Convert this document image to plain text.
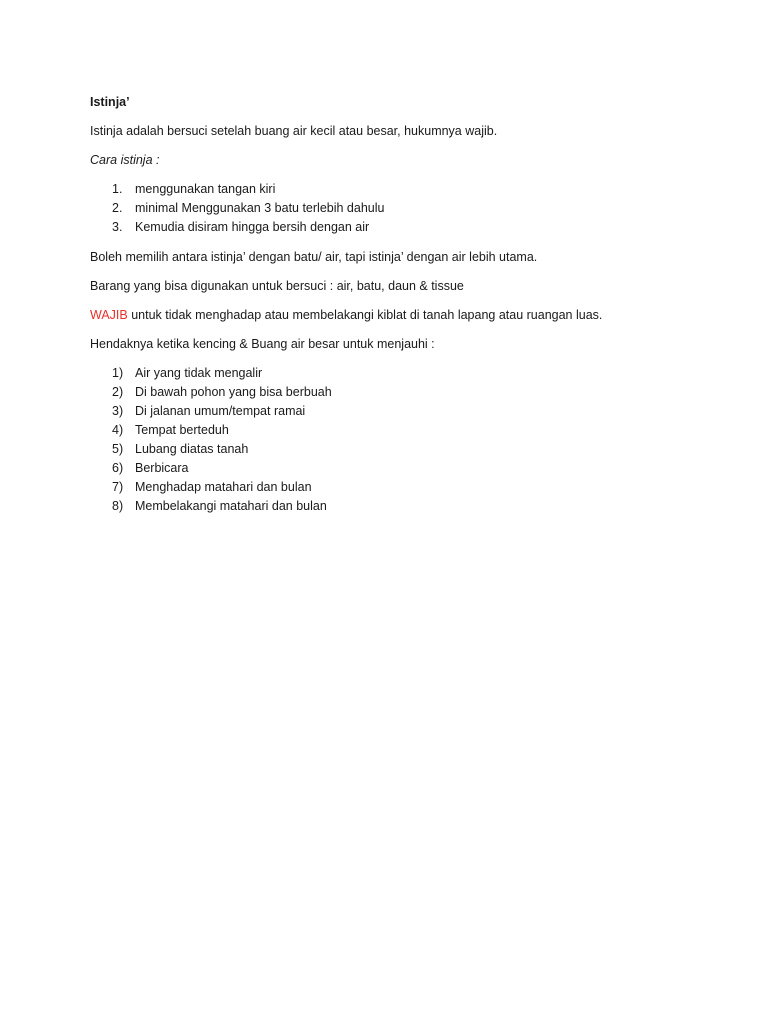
Istinja’

Istinja adalah bersuci setelah buang air kecil atau besar, hukumnya wajib.

Cara istinja :

1. menggunakan tangan kiri
2. minimal Menggunakan 3 batu terlebih dahulu
3. Kemudia disiram hingga bersih dengan air

Boleh memilih antara istinja’ dengan batu/ air, tapi istinja’ dengan air lebih utama.

Barang yang bisa digunakan untuk bersuci : air, batu, daun & tissue

WAJIB untuk tidak menghadap atau membelakangi kiblat di tanah lapang atau ruangan luas.

Hendaknya ketika kencing & Buang air besar untuk menjauhi :

1) Air yang tidak mengalir
2) Di bawah pohon yang bisa berbuah
3) Di jalanan umum/tempat ramai
4) Tempat berteduh
5) Lubang diatas tanah
6) Berbicara
7) Menghadap matahari dan bulan
8) Membelakangi matahari dan bulan
